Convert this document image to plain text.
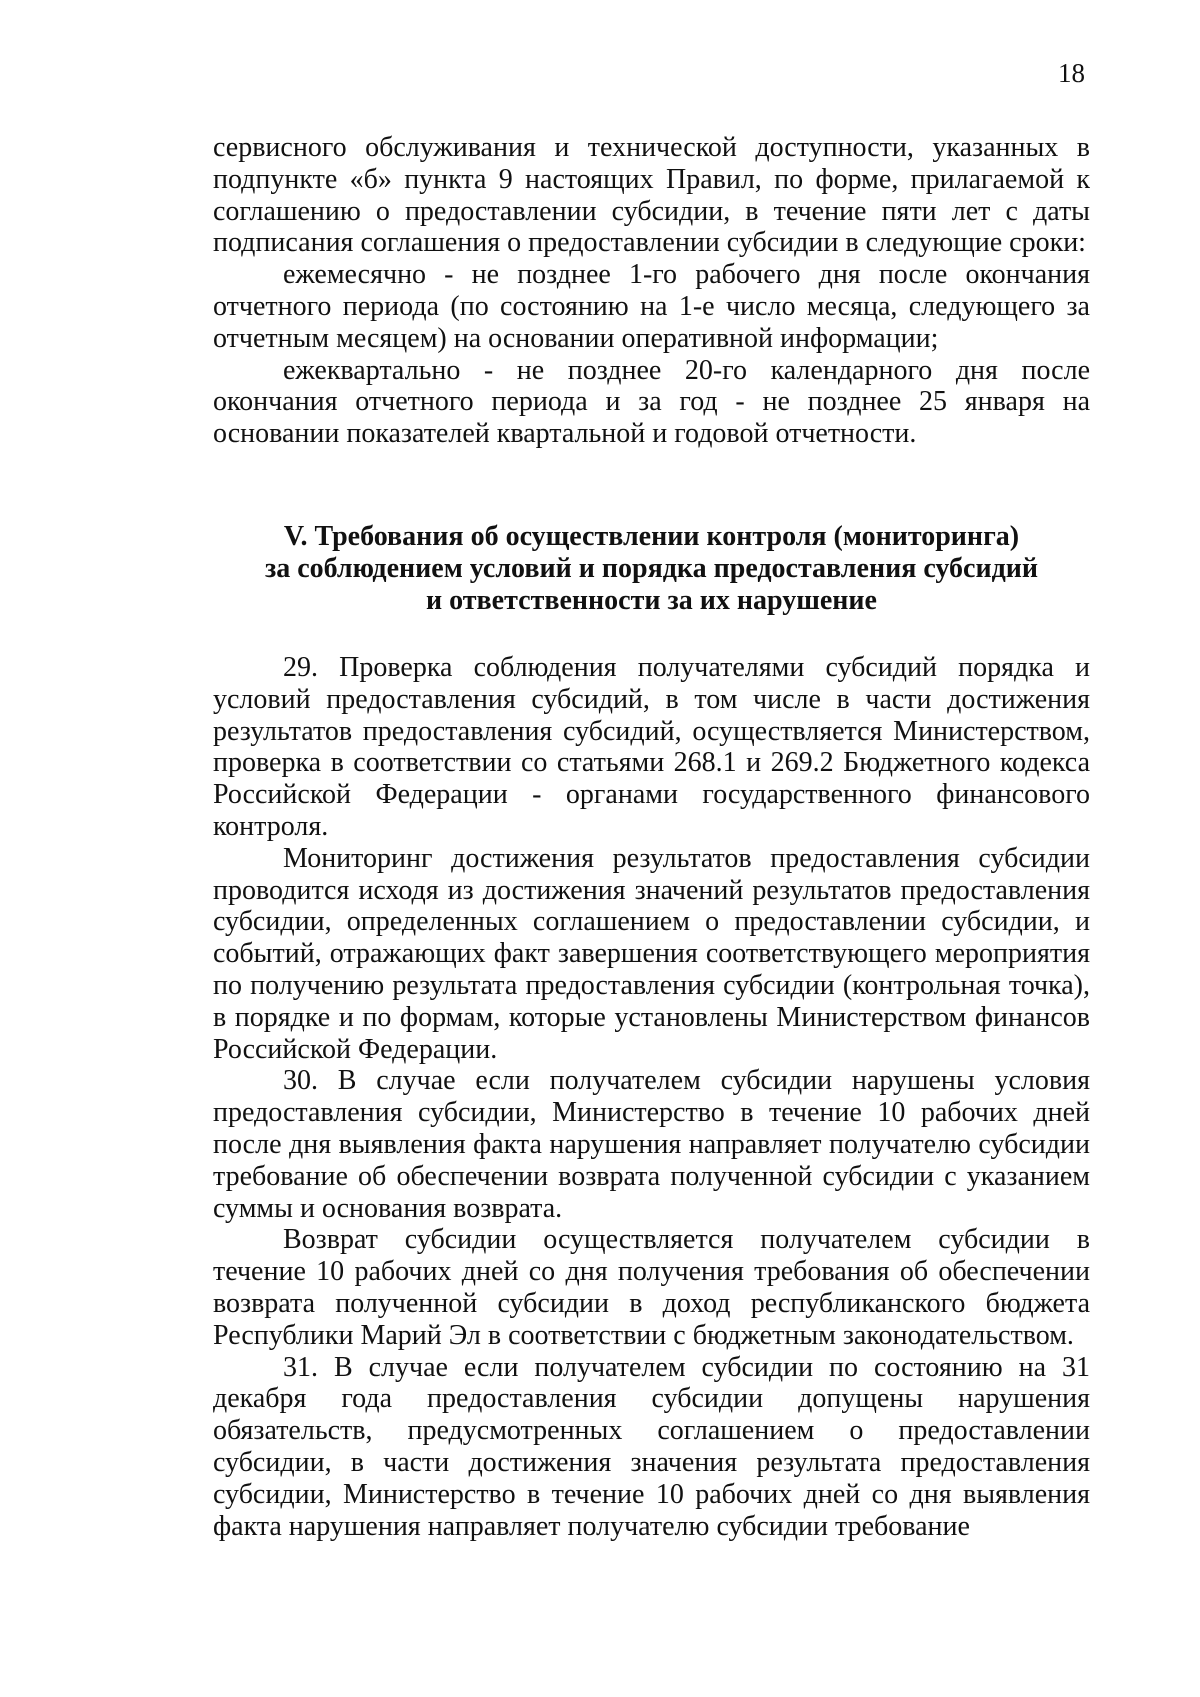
18

сервисного обслуживания и технической доступности, указанных в подпункте «б» пункта 9 настоящих Правил, по форме, прилагаемой к соглашению о предоставлении субсидии, в течение пяти лет с даты подписания соглашения о предоставлении субсидии в следующие сроки:

ежемесячно - не позднее 1-го рабочего дня после окончания отчетного периода (по состоянию на 1-е число месяца, следующего за отчетным месяцем) на основании оперативной информации;

ежеквартально - не позднее 20-го календарного дня после окончания отчетного периода и за год - не позднее 25 января на основании показателей квартальной и годовой отчетности.

V. Требования об осуществлении контроля (мониторинга)
за соблюдением условий и порядка предоставления субсидий
и ответственности за их нарушение

29. Проверка соблюдения получателями субсидий порядка и условий предоставления субсидий, в том числе в части достижения результатов предоставления субсидий, осуществляется Министерством, проверка в соответствии со статьями 268.1 и 269.2 Бюджетного кодекса Российской Федерации - органами государственного финансового контроля.

Мониторинг достижения результатов предоставления субсидии проводится исходя из достижения значений результатов предоставления субсидии, определенных соглашением о предоставлении субсидии, и событий, отражающих факт завершения соответствующего мероприятия по получению результата предоставления субсидии (контрольная точка), в порядке и по формам, которые установлены Министерством финансов Российской Федерации.

30. В случае если получателем субсидии нарушены условия предоставления субсидии, Министерство в течение 10 рабочих дней после дня выявления факта нарушения направляет получателю субсидии требование об обеспечении возврата полученной субсидии с указанием суммы и основания возврата.

Возврат субсидии осуществляется получателем субсидии в течение 10 рабочих дней со дня получения требования об обеспечении возврата полученной субсидии в доход республиканского бюджета Республики Марий Эл в соответствии с бюджетным законодательством.

31. В случае если получателем субсидии по состоянию на 31 декабря года предоставления субсидии допущены нарушения обязательств, предусмотренных соглашением о предоставлении субсидии, в части достижения значения результата предоставления субсидии, Министерство в течение 10 рабочих дней со дня выявления факта нарушения направляет получателю субсидии требование
